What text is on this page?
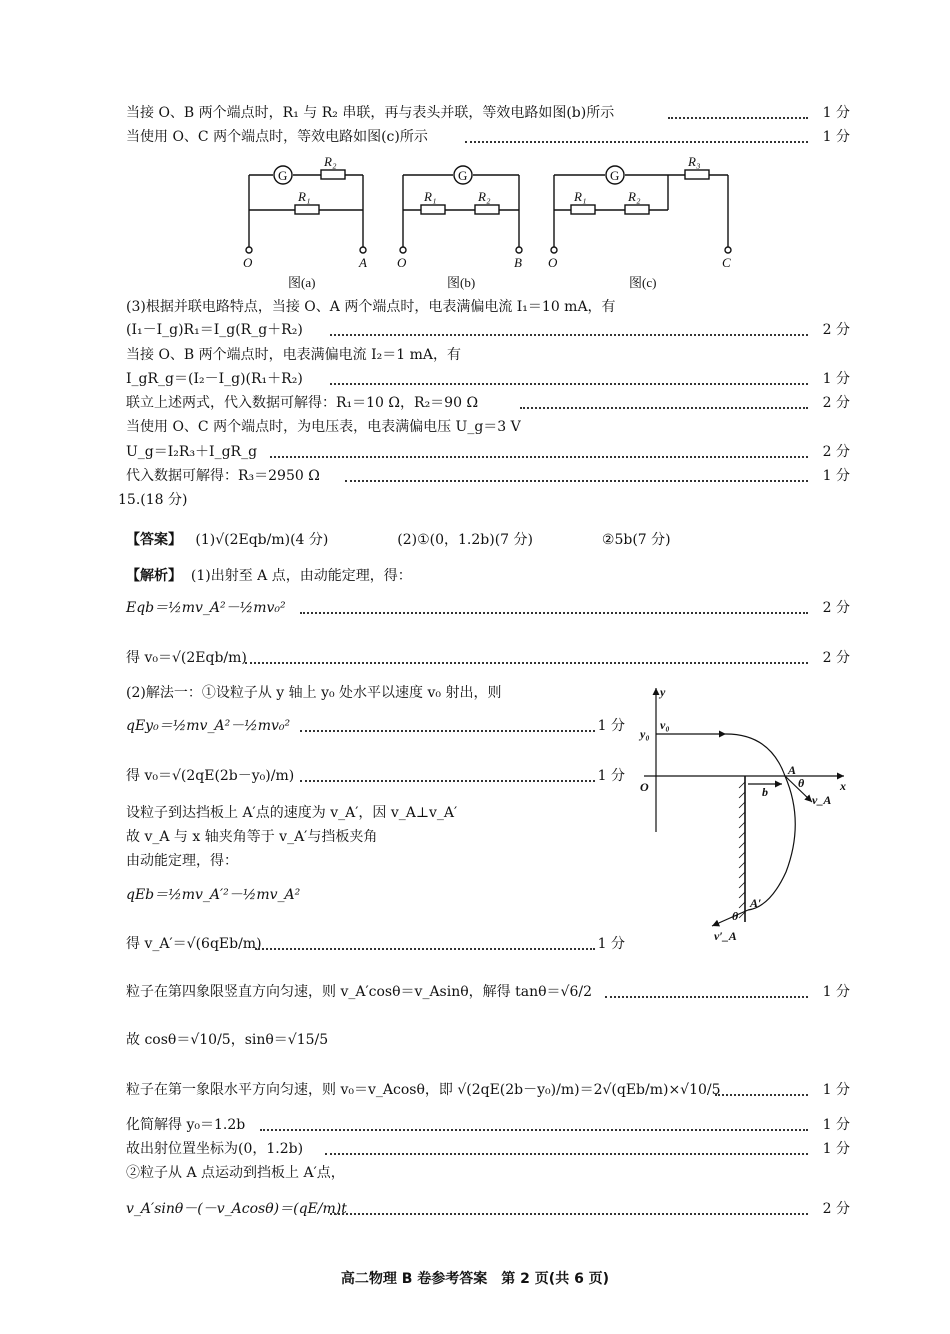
当接 O、B 两个端点时，R₁ 与 R₂ 串联，再与表头并联，等效电路如图(b)所示	1 分
当使用 O、C 两个端点时，等效电路如图(c)所示	1 分
G
R₂
R₁
O	A
G
R₁	R₂
O	B
G
R₃
R₁	R₂
O	C
图(a)	图(b)	图(c)
(3)根据并联电路特点，当接 O、A 两个端点时，电表满偏电流 I₁＝10 mA，有
(I₁－I_g)R₁＝I_g(R_g＋R₂)	2 分
当接 O、B 两个端点时，电表满偏电流 I₂＝1 mA，有
I_gR_g＝(I₂－I_g)(R₁＋R₂)	1 分
联立上述两式，代入数据可解得：R₁＝10 Ω，R₂＝90 Ω	2 分
当使用 O、C 两个端点时，为电压表，电表满偏电压 U_g＝3 V
U_g＝I₂R₃＋I_gR_g	2 分
代入数据可解得：R₃＝2950 Ω	1 分
15.(18 分)
【答案】 (1)√(2Eqb/m)(4 分)	(2)①(0，1.2b)(7 分)	②5b(7 分)
【解析】 (1)出射至 A 点，由动能定理，得：
Eqb＝½mv_A²－½mv₀²	2 分
得 v₀＝√(2Eqb/m)	2 分
(2)解法一：①设粒子从 y 轴上 y₀ 处水平以速度 v₀ 射出，则
qEy₀＝½mv_A²－½mv₀²	1 分
得 v₀＝√(2qE(2b－y₀)/m)	1 分
设粒子到达挡板上 A′点的速度为 v_A′，因 v_A⊥v_A′
故 v_A 与 x 轴夹角等于 v_A′与挡板夹角
由动能定理，得：
qEb＝½mv_A′²－½mv_A²
得 v_A′＝√(6qEb/m)	1 分
粒子在第四象限竖直方向匀速，则 v_A′cosθ＝v_Asinθ，解得 tanθ＝√6/2	1 分
故 cosθ＝√10/5，sinθ＝√15/5
粒子在第一象限水平方向匀速，则 v₀＝v_Acosθ，即 √(2qE(2b－y₀)/m)＝2√(qEb/m)×√10/5	1 分
化简解得 y₀＝1.2b	1 分
故出射位置坐标为(0，1.2b)	1 分
②粒子从 A 点运动到挡板上 A′点，
v_A′sinθ－(－v_Acosθ)＝(qE/m)t	2 分
y
x
O
y₀
v₀
A
θ
v_A
b
A′
θ
v′_A
高二物理 B 卷参考答案　第 2 页(共 6 页)
